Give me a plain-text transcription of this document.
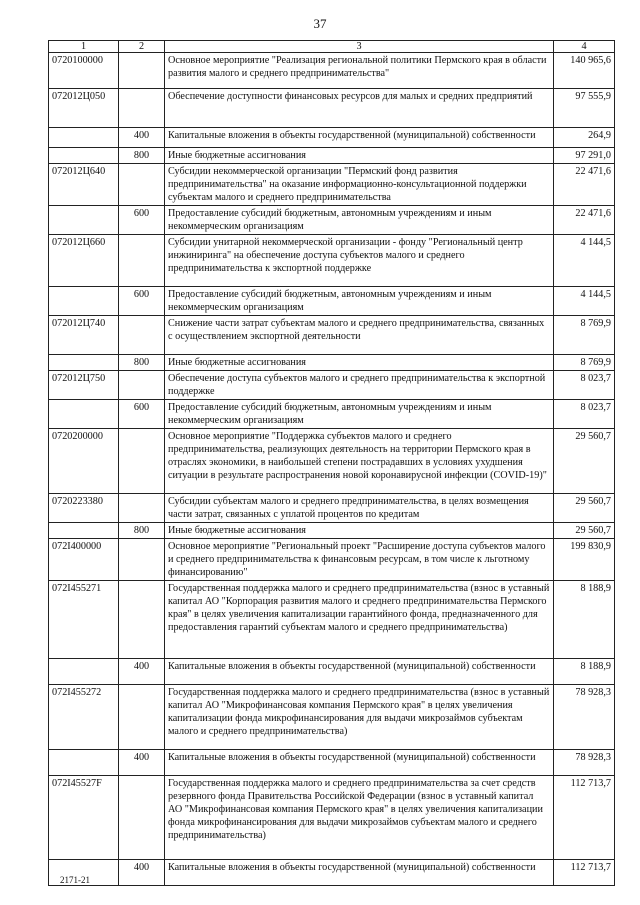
37
1	2	3	4
0720100000		Основное мероприятие "Реализация региональной политики Пермского края в области развития малого и среднего предпринимательства"	140 965,6
072012Ц050		Обеспечение доступности финансовых ресурсов для малых и средних предприятий	97 555,9
	400	Капитальные вложения в объекты государственной (муниципальной) собственности	264,9
	800	Иные бюджетные ассигнования	97 291,0
072012Ц640		Субсидии некоммерческой организации "Пермский фонд развития предпринимательства" на оказание информационно-консультационной поддержки субъектам малого и среднего предпринимательства	22 471,6
	600	Предоставление субсидий бюджетным, автономным учреждениям и иным некоммерческим организациям	22 471,6
072012Ц660		Субсидии унитарной некоммерческой организации - фонду "Региональный центр инжиниринга" на обеспечение доступа субъектов малого и среднего предпринимательства к экспортной поддержке	4 144,5
	600	Предоставление субсидий бюджетным, автономным учреждениям и иным некоммерческим организациям	4 144,5
072012Ц740		Снижение части затрат субъектам малого и среднего предпринимательства, связанных с осуществлением экспортной деятельности	8 769,9
	800	Иные бюджетные ассигнования	8 769,9
072012Ц750		Обеспечение доступа субъектов малого и среднего предпринимательства к экспортной поддержке	8 023,7
	600	Предоставление субсидий бюджетным, автономным учреждениям и иным некоммерческим организациям	8 023,7
0720200000		Основное мероприятие "Поддержка субъектов малого и среднего предпринимательства, реализующих деятельность на территории Пермского края в отраслях экономики, в наибольшей степени пострадавших в условиях ухудшения ситуации в результате распространения новой коронавирусной инфекции (COVID-19)"	29 560,7
0720223380		Субсидии субъектам малого и среднего предпринимательства, в целях возмещения части затрат, связанных с уплатой процентов по кредитам	29 560,7
	800	Иные бюджетные ассигнования	29 560,7
072I400000		Основное мероприятие "Региональный проект "Расширение доступа субъектов малого и среднего предпринимательства к финансовым ресурсам, в том числе к льготному финансированию"	199 830,9
072I455271		Государственная поддержка малого и среднего предпринимательства (взнос в уставный капитал АО "Корпорация развития малого и среднего предпринимательства Пермского края" в целях увеличения капитализации гарантийного фонда, предназначенного для предоставления гарантий субъектам малого и среднего предпринимательства)	8 188,9
	400	Капитальные вложения в объекты государственной (муниципальной) собственности	8 188,9
072I455272		Государственная поддержка малого и среднего предпринимательства (взнос в уставный капитал АО "Микрофинансовая компания Пермского края" в целях увеличения капитализации фонда микрофинансирования для выдачи микрозаймов субъектам малого и среднего предпринимательства)	78 928,3
	400	Капитальные вложения в объекты государственной (муниципальной) собственности	78 928,3
072I45527F		Государственная поддержка малого и среднего предпринимательства за счет средств резервного фонда Правительства Российской Федерации (взнос в уставный капитал АО "Микрофинансовая компания Пермского края" в целях увеличения капитализации фонда микрофинансирования для выдачи микрозаймов субъектам малого и среднего предпринимательства)	112 713,7
	400	Капитальные вложения в объекты государственной (муниципальной) собственности	112 713,7
2171-21
